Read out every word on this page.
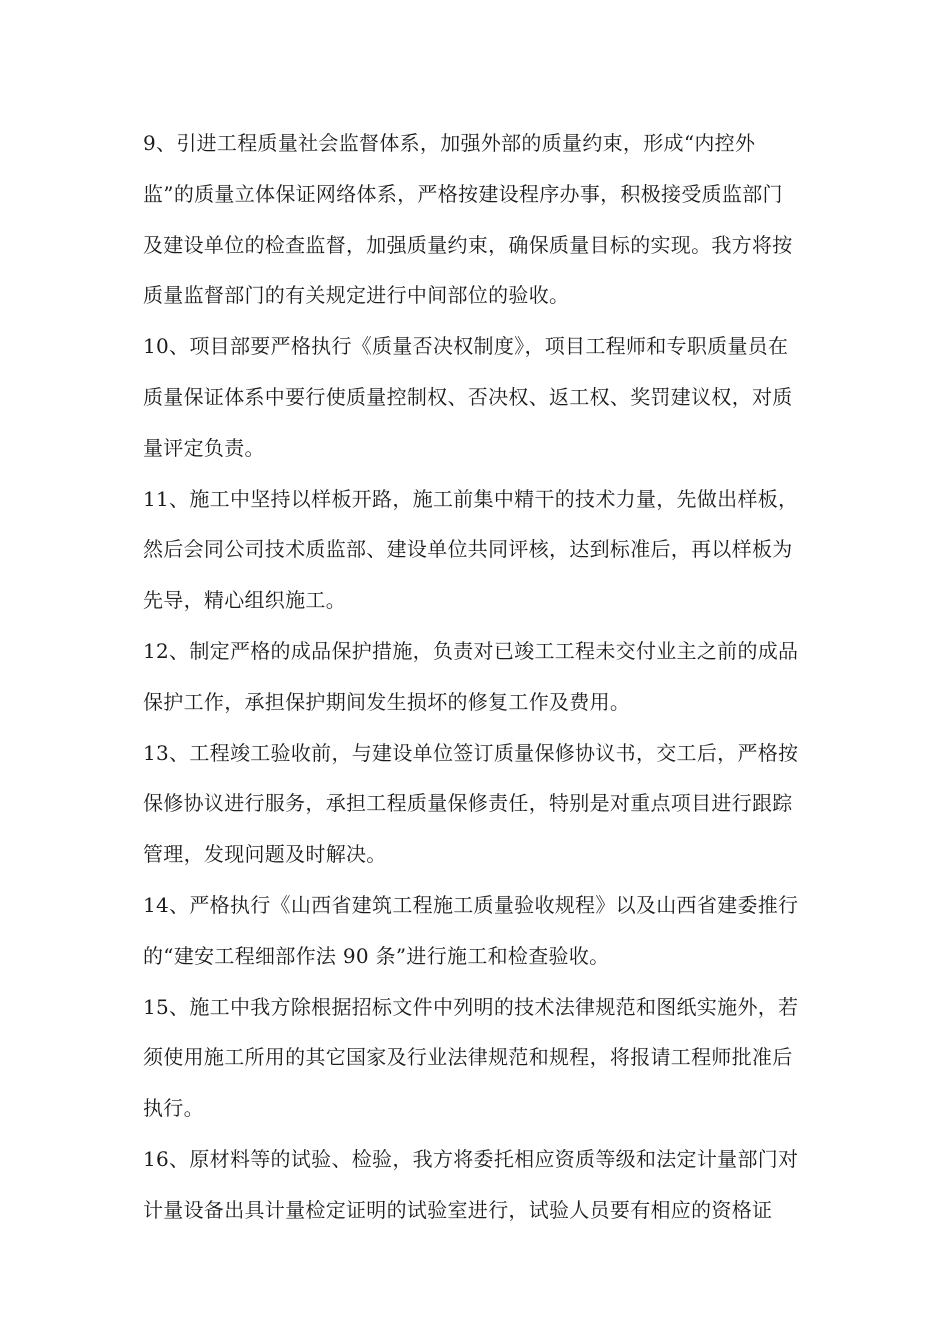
9、引进工程质量社会监督体系，加强外部的质量约束，形成“内控外
监”的质量立体保证网络体系，严格按建设程序办事，积极接受质监部门
及建设单位的检查监督，加强质量约束，确保质量目标的实现。我方将按
质量监督部门的有关规定进行中间部位的验收。
10、项目部要严格执行《质量否决权制度》，项目工程师和专职质量员在
质量保证体系中要行使质量控制权、否决权、返工权、奖罚建议权，对质
量评定负责。
11、施工中坚持以样板开路，施工前集中精干的技术力量，先做出样板，
然后会同公司技术质监部、建设单位共同评核，达到标准后，再以样板为
先导，精心组织施工。
12、制定严格的成品保护措施，负责对已竣工工程未交付业主之前的成品
保护工作，承担保护期间发生损坏的修复工作及费用。
13、工程竣工验收前，与建设单位签订质量保修协议书，交工后，严格按
保修协议进行服务，承担工程质量保修责任，特别是对重点项目进行跟踪
管理，发现问题及时解决。
14、严格执行《山西省建筑工程施工质量验收规程》以及山西省建委推行
的“建安工程细部作法 90 条”进行施工和检查验收。
15、施工中我方除根据招标文件中列明的技术法律规范和图纸实施外，若
须使用施工所用的其它国家及行业法律规范和规程，将报请工程师批准后
执行。
16、原材料等的试验、检验，我方将委托相应资质等级和法定计量部门对
计量设备出具计量检定证明的试验室进行，试验人员要有相应的资格证
